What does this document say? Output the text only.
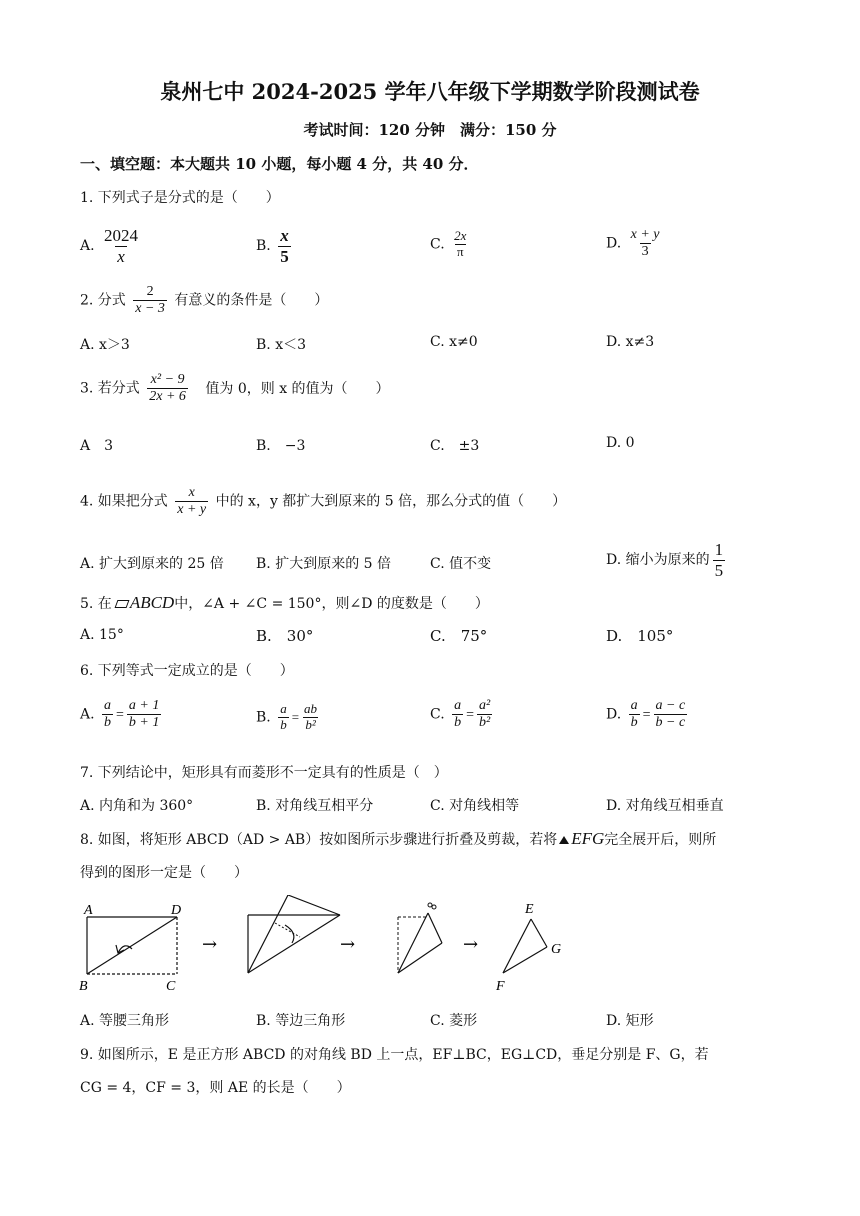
泉州七中 2024-2025 学年八年级下学期数学阶段测试卷
考试时间：120 分钟　满分：150 分
一、填空题：本大题共 10 小题，每小题 4 分，共 40 分．
1. 下列式子是分式的是（　　）
A. $\frac{2024}{x}$	B. $\frac{x}{5}$	C. $\frac{2x}{\pi}$	D. $\frac{x + y}{3}$
2. 分式 $\frac{2}{x - 3}$ 有意义的条件是（　　）
A. x＞3	B. x＜3	C. x≠0	D. x≠3
3. 若分式 $\frac{\text{x² − 9}}{2x + 6}$ 值为 0，则 x 的值为（　　）
A　3	B.　−3	C.　±3	D. 0
4. 如果把分式 $\frac{x}{x + y}$ 中的 x，y 都扩大到原来的 5 倍，那么分式的值（　　）
A. 扩大到原来的 25 倍 B. 扩大到原来的 5 倍	C. 值不变	D. 缩小为原来的 $\frac{1}{5}$
5. 在 ABCD中，∠A + ∠C = 150°，则∠D 的度数是（　　）
A. 15°	B.　30°	C.　75°	D.　105°
6. 下列等式一定成立的是（　　）
A. $\frac{a}{b} = \frac{a + 1}{b + 1}$	B. $\frac{a}{b} = \frac{ab}{\text{b²}}$	C. $\frac{a}{b} = \frac{\text{a²}}{\text{b²}}$	D. $\frac{a}{b} = \frac{a - c}{b - c}$
7. 下列结论中，矩形具有而菱形不一定具有的性质是（　）
A. 内角和为 360°	B. 对角线互相平分	C. 对角线相等	D. 对角线互相垂直
8. 如图，将矩形 ABCD（AD > AB）按如图所示步骤进行折叠及剪裁，若将 EFG完全展开后，则所
得到的图形一定是（　　）
A	D
B	C
→	→	→
E
G
F
A. 等腰三角形	B. 等边三角形	C. 菱形	D. 矩形
9. 如图所示，E 是正方形 ABCD 的对角线 BD 上一点，EF⊥BC，EG⊥CD，垂足分别是 F、G，若
CG = 4，CF = 3，则 AE 的长是（　　）
